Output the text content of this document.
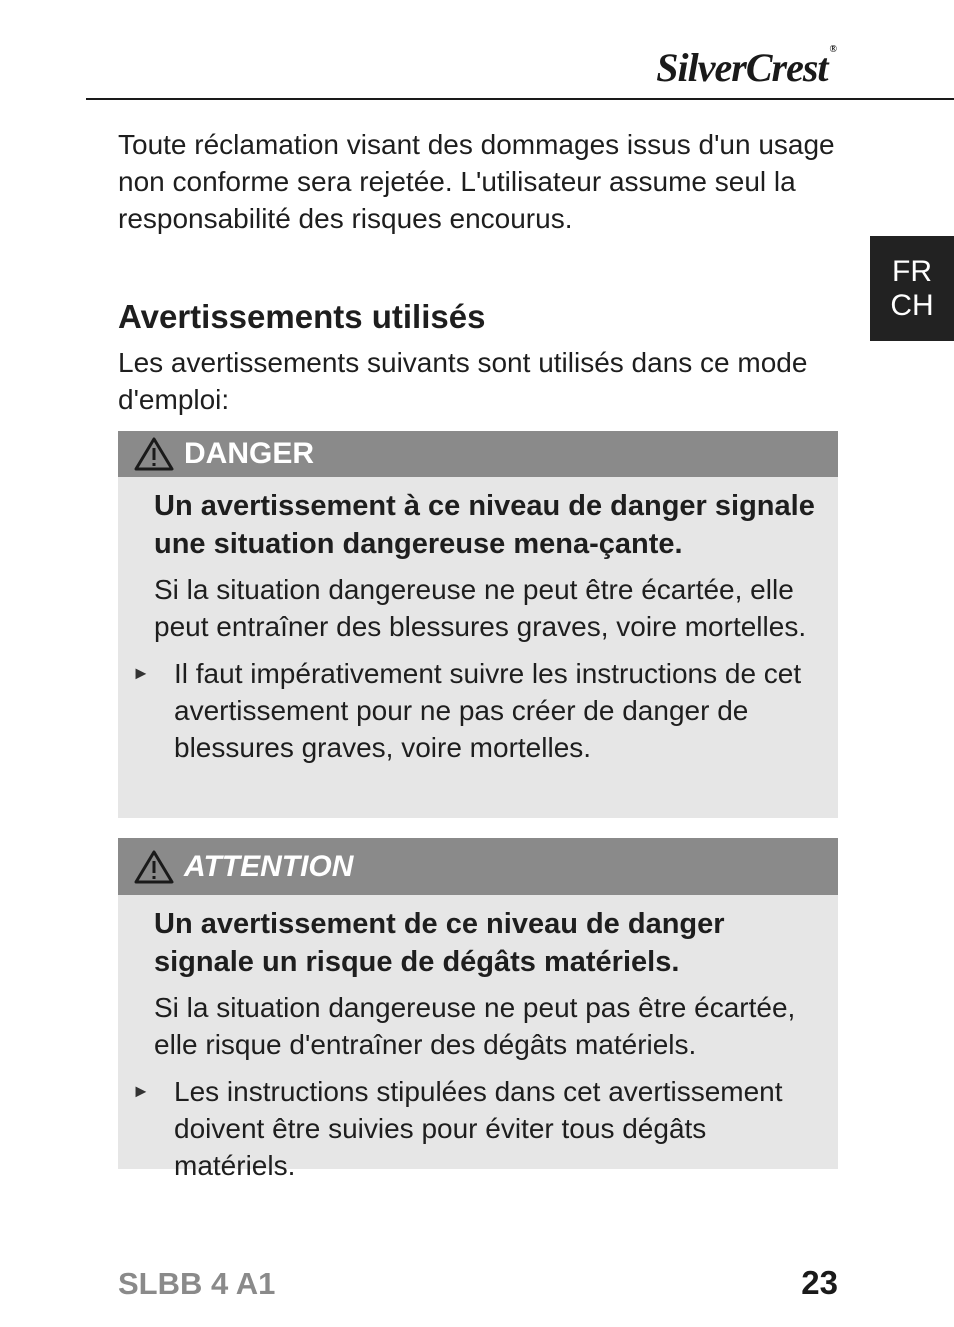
SilverCrest ®
FR
CH

Toute réclamation visant des dommages issus d'un usage non conforme sera rejetée. L'utilisateur assume seul la responsabilité des risques encourus.

Avertissements utilisés

Les avertissements suivants sont utilisés dans ce mode d'emploi:

DANGER

Un avertissement à ce niveau de danger signale une situation dangereuse mena-çante.

Si la situation dangereuse ne peut être écartée, elle peut entraîner des blessures graves, voire mortelles.

► Il faut impérativement suivre les instructions de cet avertissement pour ne pas créer de danger de blessures graves, voire mortelles.
ATTENTION

Un avertissement de ce niveau de danger signale un risque de dégâts matériels.

Si la situation dangereuse ne peut pas être écartée, elle risque d'entraîner des dégâts matériels.

► Les instructions stipulées dans cet avertissement doivent être suivies pour éviter tous dégâts matériels.
SLBB 4 A1	23
